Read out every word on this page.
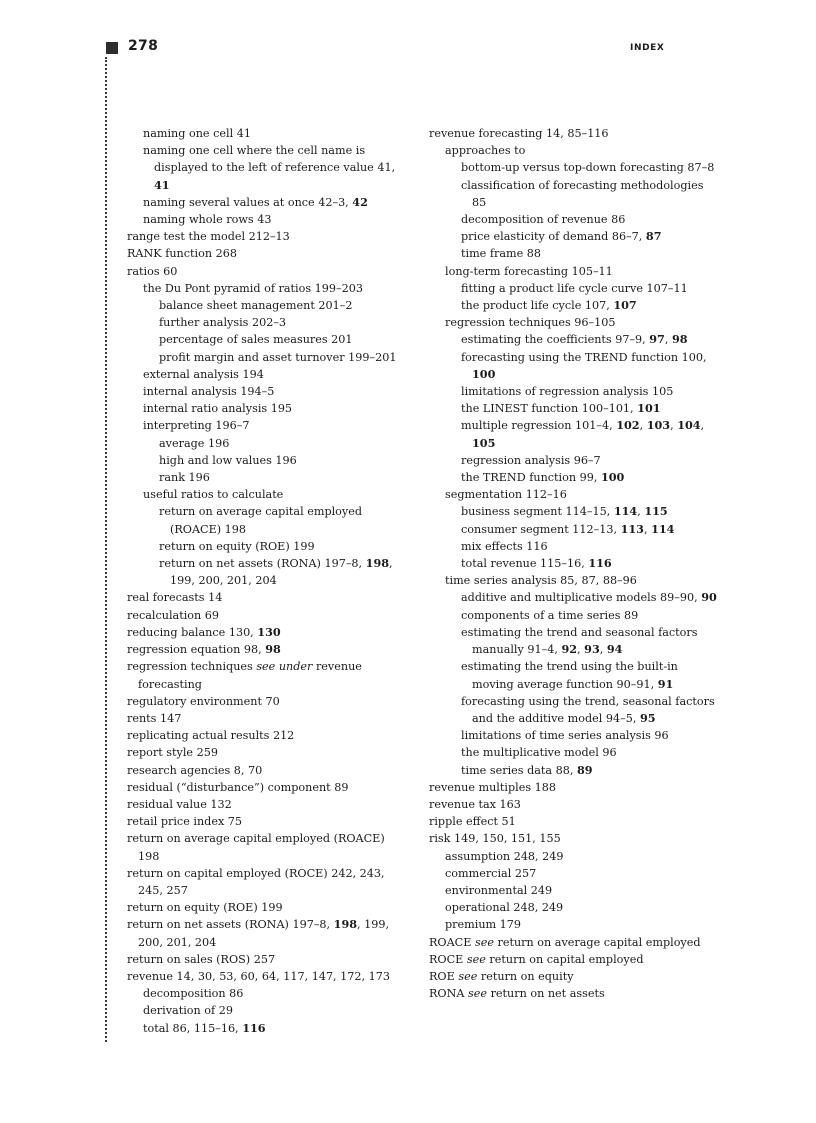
278	INDEX

naming one cell 41

naming one cell where the cell name is displayed to the left of reference value 41, 41

naming several values at once 42–3, 42

naming whole rows 43

range test the model 212–13

RANK function 268

ratios 60

the Du Pont pyramid of ratios 199–203

balance sheet management 201–2

further analysis 202–3

percentage of sales measures 201

profit margin and asset turnover 199–201

external analysis 194

internal analysis 194–5

internal ratio analysis 195

interpreting 196–7

average 196

high and low values 196

rank 196

useful ratios to calculate

return on average capital employed (ROACE) 198

return on equity (ROE) 199

return on net assets (RONA) 197–8, 198, 199, 200, 201, 204

real forecasts 14

recalculation 69

reducing balance 130, 130

regression equation 98, 98

regression techniques see under revenue forecasting

regulatory environment 70

rents 147

replicating actual results 212

report style 259

research agencies 8, 70

residual (“disturbance”) component 89

residual value 132

retail price index 75

return on average capital employed (ROACE) 198

return on capital employed (ROCE) 242, 243, 245, 257

return on equity (ROE) 199

return on net assets (RONA) 197–8, 198, 199, 200, 201, 204

return on sales (ROS) 257

revenue 14, 30, 53, 60, 64, 117, 147, 172, 173

decomposition 86

derivation of 29

total 86, 115–16, 116

revenue forecasting 14, 85–116

approaches to

bottom-up versus top-down forecasting 87–8

classification of forecasting methodologies 85

decomposition of revenue 86

price elasticity of demand 86–7, 87

time frame 88

long-term forecasting 105–11

fitting a product life cycle curve 107–11

the product life cycle 107, 107

regression techniques 96–105

estimating the coefficients 97–9, 97, 98

forecasting using the TREND function 100, 100

limitations of regression analysis 105

the LINEST function 100–101, 101

multiple regression 101–4, 102, 103, 104, 105

regression analysis 96–7

the TREND function 99, 100

segmentation 112–16

business segment 114–15, 114, 115

consumer segment 112–13, 113, 114

mix effects 116

total revenue 115–16, 116

time series analysis 85, 87, 88–96

additive and multiplicative models 89–90, 90

components of a time series 89

estimating the trend and seasonal factors manually 91–4, 92, 93, 94

estimating the trend using the built-in moving average function 90–91, 91

forecasting using the trend, seasonal factors and the additive model 94–5, 95

limitations of time series analysis 96

the multiplicative model 96

time series data 88, 89

revenue multiples 188

revenue tax 163

ripple effect 51

risk 149, 150, 151, 155

assumption 248, 249

commercial 257

environmental 249

operational 248, 249

premium 179

ROACE see return on average capital employed

ROCE see return on capital employed

ROE see return on equity

RONA see return on net assets
